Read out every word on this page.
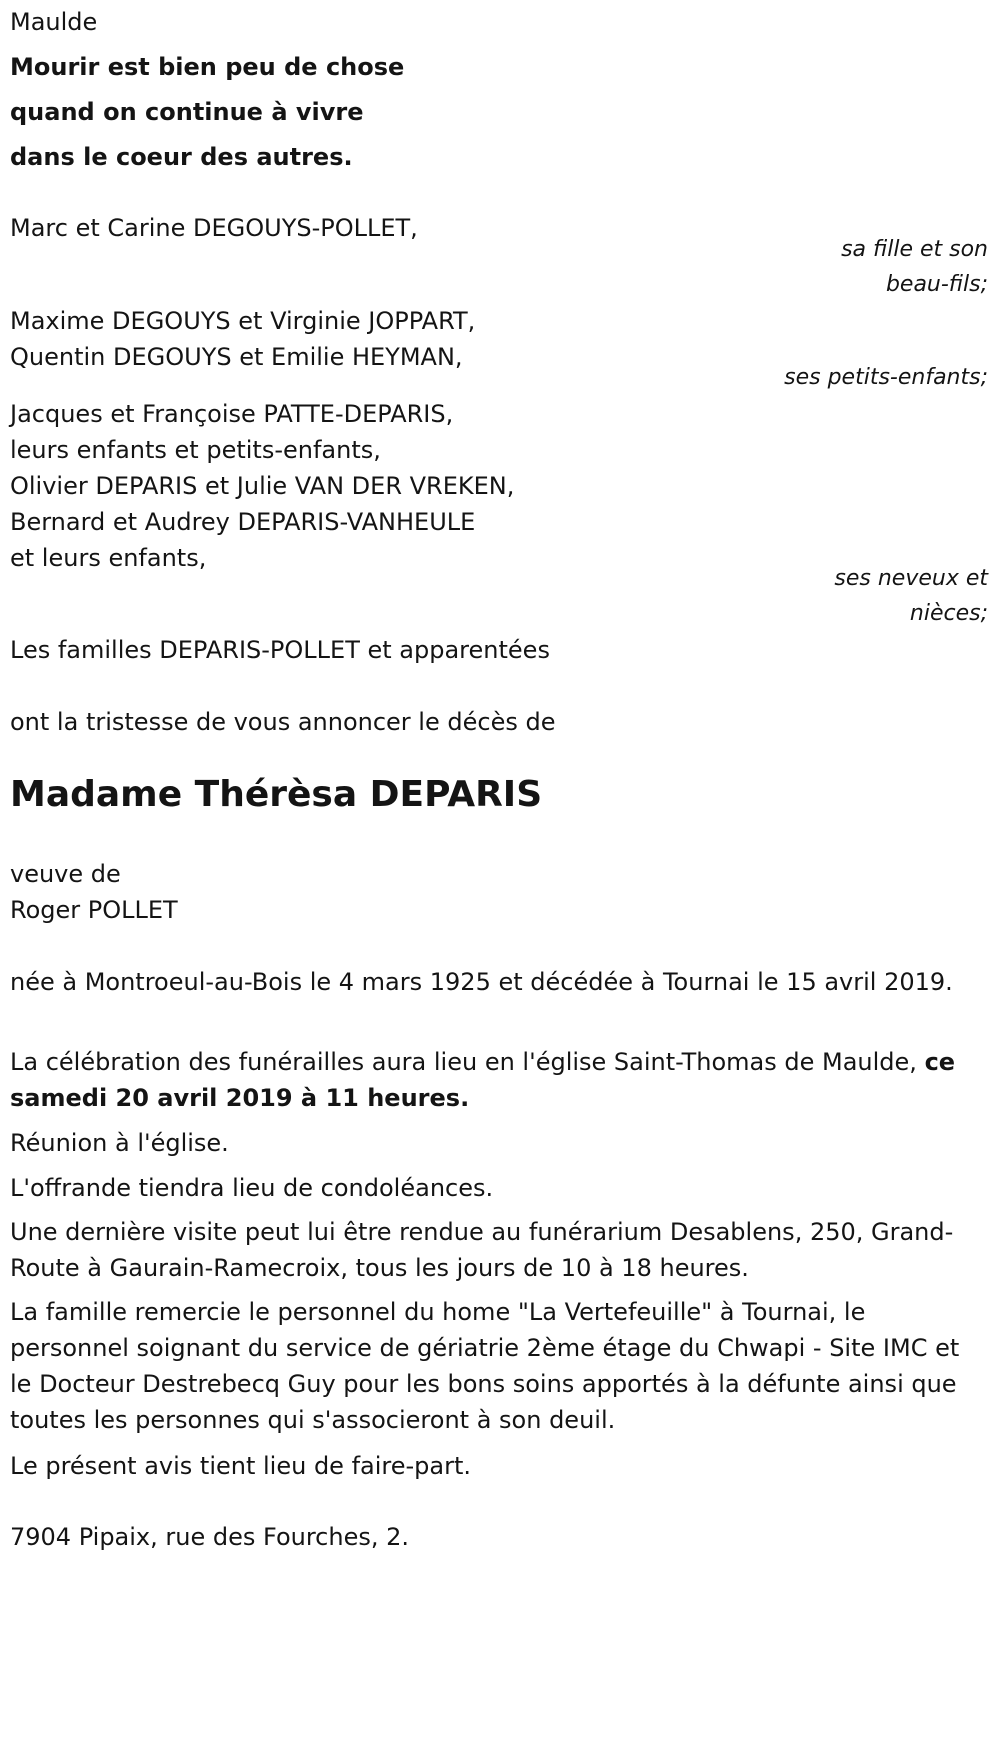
Maulde
Mourir est bien peu de chose
quand on continue à vivre
dans le coeur des autres.
Marc et Carine DEGOUYS-POLLET,
sa fille et son
beau-fils;
Maxime DEGOUYS et Virginie JOPPART,
Quentin DEGOUYS et Emilie HEYMAN,
ses petits-enfants;
Jacques et Françoise PATTE-DEPARIS,
leurs enfants et petits-enfants,
Olivier DEPARIS et Julie VAN DER VREKEN,
Bernard et Audrey DEPARIS-VANHEULE
et leurs enfants,
ses neveux et
nièces;
Les familles DEPARIS-POLLET et apparentées
ont la tristesse de vous annoncer le décès de
Madame Thérèsa DEPARIS
veuve de
Roger POLLET
née à Montroeul-au-Bois le 4 mars 1925 et décédée à Tournai le 15 avril 2019.
La célébration des funérailles aura lieu en l'église Saint-Thomas de Maulde, ce samedi 20 avril 2019 à 11 heures.
Réunion à l'église.
L'offrande tiendra lieu de condoléances.
Une dernière visite peut lui être rendue au funérarium Desablens, 250, Grand-Route à Gaurain-Ramecroix, tous les jours de 10 à 18 heures.
La famille remercie le personnel du home "La Vertefeuille" à Tournai, le personnel soignant du service de gériatrie 2ème étage du Chwapi - Site IMC et le Docteur Destrebecq Guy pour les bons soins apportés à la défunte ainsi que toutes les personnes qui s'associeront à son deuil.
Le présent avis tient lieu de faire-part.
7904 Pipaix, rue des Fourches, 2.
